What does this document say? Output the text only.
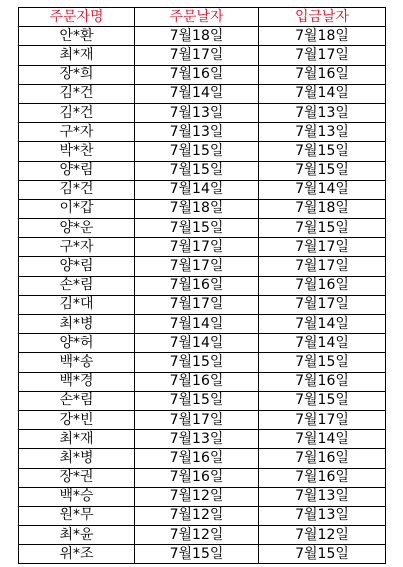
주문자명	주문날자	입금날자
안*환	7월18일	7월18일
최*재	7월17일	7월17일
장*희	7월16일	7월16일
김*건	7월14일	7월14일
김*건	7월13일	7월13일
구*자	7월13일	7월13일
박*찬	7월15일	7월15일
양*림	7월15일	7월15일
김*건	7월14일	7월14일
이*갑	7월18일	7월18일
양*운	7월15일	7월15일
구*자	7월17일	7월17일
양*림	7월17일	7월17일
손*림	7월16일	7월16일
김*대	7월17일	7월17일
최*병	7월14일	7월14일
양*허	7월14일	7월14일
백*송	7월15일	7월15일
백*경	7월16일	7월16일
손*림	7월15일	7월15일
강*빈	7월17일	7월17일
최*재	7월13일	7월14일
최*병	7월16일	7월16일
장*권	7월16일	7월16일
백*승	7월12일	7월13일
원*무	7월12일	7월13일
최*윤	7월12일	7월12일
위*조	7월15일	7월15일
